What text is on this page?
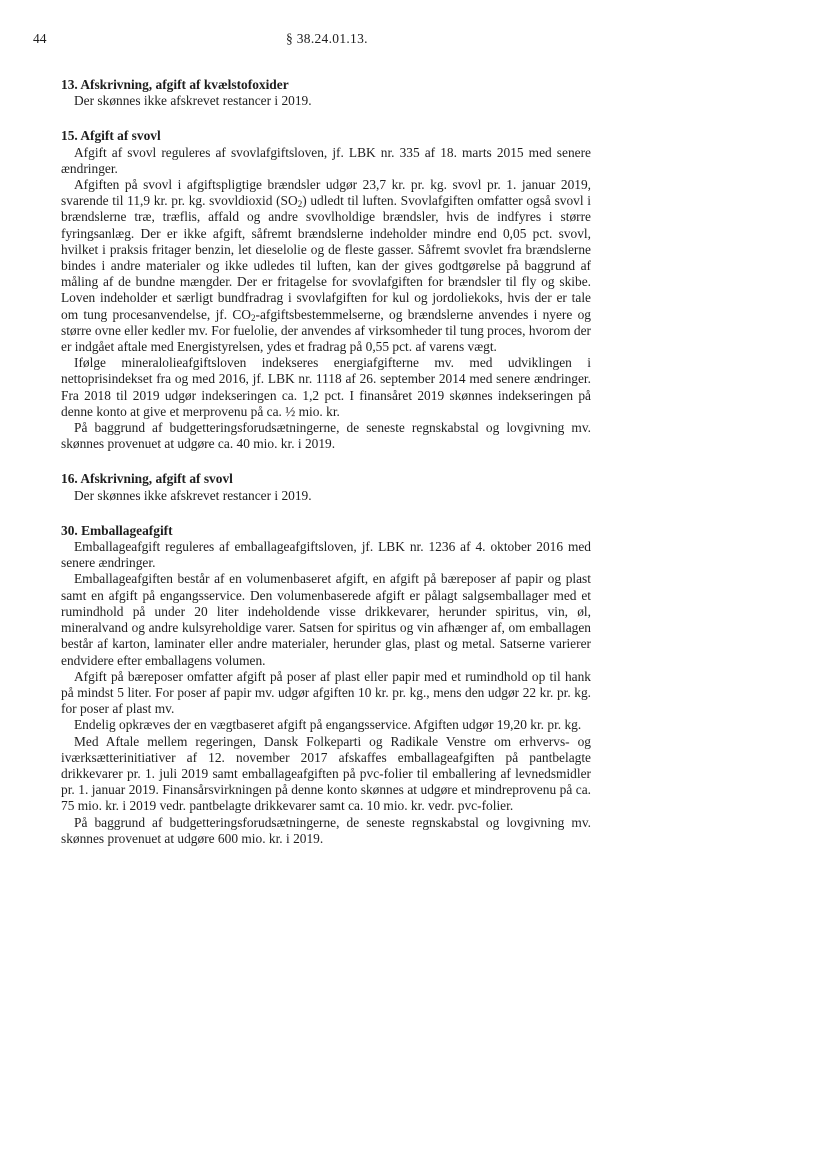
44	§ 38.24.01.13.

13. Afskrivning, afgift af kvælstofoxider

Der skønnes ikke afskrevet restancer i 2019.

15. Afgift af svovl

Afgift af svovl reguleres af svovlafgiftsloven, jf. LBK nr. 335 af 18. marts 2015 med senere ændringer.

Afgiften på svovl i afgiftspligtige brændsler udgør 23,7 kr. pr. kg. svovl pr. 1. januar 2019, svarende til 11,9 kr. pr. kg. svovldioxid $(SO_2)$ udledt til luften. Svovlafgiften omfatter også svovl i brændslerne træ, træflis, affald og andre svovlholdige brændsler, hvis de indfyres i større fyringsanlæg. Der er ikke afgift, såfremt brændslerne indeholder mindre end 0,05 pct. svovl, hvilket i praksis fritager benzin, let dieselolie og de fleste gasser. Såfremt svovlet fra brændslerne bindes i andre materialer og ikke udledes til luften, kan der gives godtgørelse på baggrund af måling af de bundne mængder. Der er fritagelse for svovlafgiften for brændsler til fly og skibe. Loven indeholder et særligt bundfradrag i svovlafgiften for kul og jordoliekoks, hvis der er tale om tung procesanvendelse, jf. $CO_2$-afgiftsbestemmelserne, og brændslerne anvendes i nyere og større ovne eller kedler mv. For fuelolie, der anvendes af virksomheder til tung proces, hvorom der er indgået aftale med Energistyrelsen, ydes et fradrag på 0,55 pct. af varens vægt.

Ifølge mineralolieafgiftsloven indekseres energiafgifterne mv. med udviklingen i nettoprisindekset fra og med 2016, jf. LBK nr. 1118 af 26. september 2014 med senere ændringer. Fra 2018 til 2019 udgør indekseringen ca. 1,2 pct. I finansåret 2019 skønnes indekseringen på denne konto at give et merprovenu på ca. ½ mio. kr.

På baggrund af budgetteringsforudsætningerne, de seneste regnskabstal og lovgivning mv. skønnes provenuet at udgøre ca. 40 mio. kr. i 2019.

16. Afskrivning, afgift af svovl

Der skønnes ikke afskrevet restancer i 2019.

30. Emballageafgift

Emballageafgift reguleres af emballageafgiftsloven, jf. LBK nr. 1236 af 4. oktober 2016 med senere ændringer.

Emballageafgiften består af en volumenbaseret afgift, en afgift på bæreposer af papir og plast samt en afgift på engangsservice. Den volumenbaserede afgift er pålagt salgsemballager med et rumindhold på under 20 liter indeholdende visse drikkevarer, herunder spiritus, vin, øl, mineralvand og andre kulsyreholdige varer. Satsen for spiritus og vin afhænger af, om emballagen består af karton, laminater eller andre materialer, herunder glas, plast og metal. Satserne varierer endvidere efter emballagens volumen.

Afgift på bæreposer omfatter afgift på poser af plast eller papir med et rumindhold op til hank på mindst 5 liter. For poser af papir mv. udgør afgiften 10 kr. pr. kg., mens den udgør 22 kr. pr. kg. for poser af plast mv.

Endelig opkræves der en vægtbaseret afgift på engangsservice. Afgiften udgør 19,20 kr. pr. kg.

Med Aftale mellem regeringen, Dansk Folkeparti og Radikale Venstre om erhvervs- og iværksætterinitiativer af 12. november 2017 afskaffes emballageafgiften på pantbelagte drikkevarer pr. 1. juli 2019 samt emballageafgiften på pvc-folier til emballering af levnedsmidler pr. 1. januar 2019. Finansårsvirkningen på denne konto skønnes at udgøre et mindreprovenu på ca. 75 mio. kr. i 2019 vedr. pantbelagte drikkevarer samt ca. 10 mio. kr. vedr. pvc-folier.

På baggrund af budgetteringsforudsætningerne, de seneste regnskabstal og lovgivning mv. skønnes provenuet at udgøre 600 mio. kr. i 2019.
